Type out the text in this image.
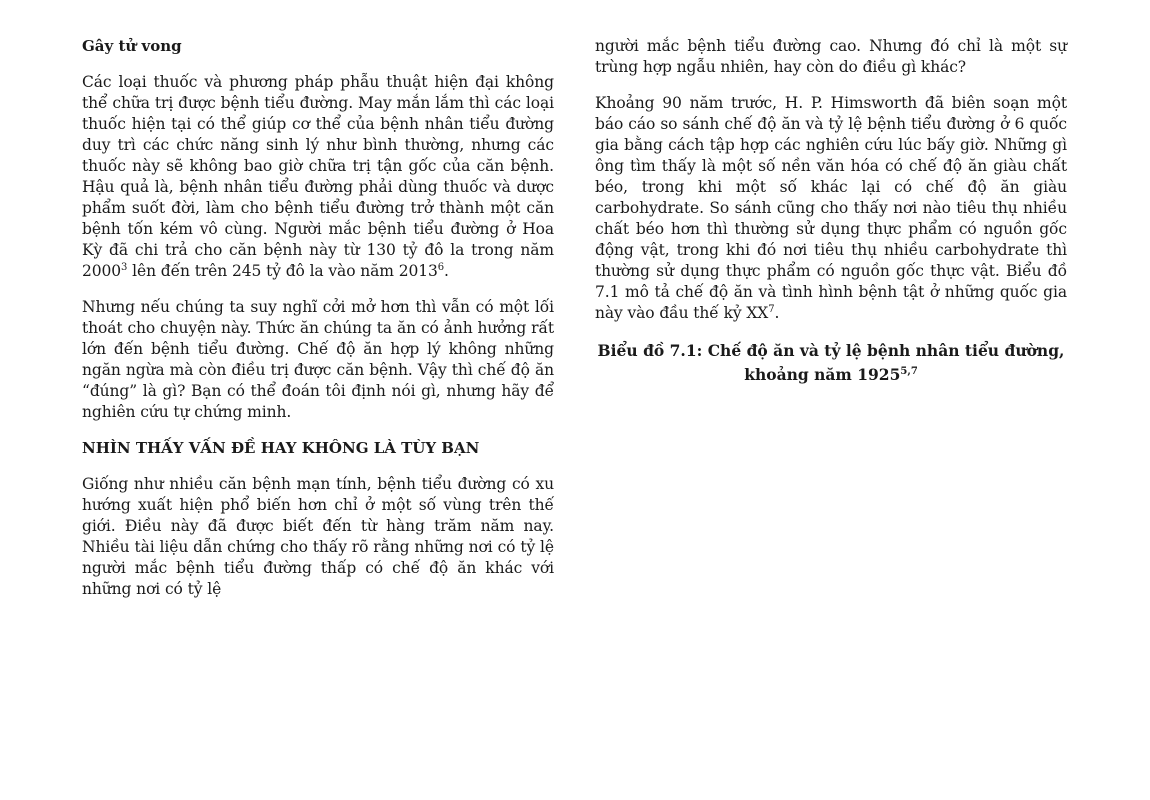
Gây tử vong

Các loại thuốc và phương pháp phẫu thuật hiện đại không thể chữa trị được bệnh tiểu đường. May mắn lắm thì các loại thuốc hiện tại có thể giúp cơ thể của bệnh nhân tiểu đường duy trì các chức năng sinh lý như bình thường, nhưng các thuốc này sẽ không bao giờ chữa trị tận gốc của căn bệnh. Hậu quả là, bệnh nhân tiểu đường phải dùng thuốc và dược phẩm suốt đời, làm cho bệnh tiểu đường trở thành một căn bệnh tốn kém vô cùng. Người mắc bệnh tiểu đường ở Hoa Kỳ đã chi trả cho căn bệnh này từ 130 tỷ đô la trong năm 2000$^3$ lên đến trên 245 tỷ đô la vào năm 2013$^6$.

Nhưng nếu chúng ta suy nghĩ cởi mở hơn thì vẫn có một lối thoát cho chuyện này. Thức ăn chúng ta ăn có ảnh hưởng rất lớn đến bệnh tiểu đường. Chế độ ăn hợp lý không những ngăn ngừa mà còn điều trị được căn bệnh. Vậy thì chế độ ăn “đúng” là gì? Bạn có thể đoán tôi định nói gì, nhưng hãy để nghiên cứu tự chứng minh.

NHÌN THẤY VẤN ĐỀ HAY KHÔNG LÀ TÙY BẠN

Giống như nhiều căn bệnh mạn tính, bệnh tiểu đường có xu hướng xuất hiện phổ biến hơn chỉ ở một số vùng trên thế giới. Điều này đã được biết đến từ hàng trăm năm nay. Nhiều tài liệu dẫn chứng cho thấy rõ rằng những nơi có tỷ lệ người mắc bệnh tiểu đường thấp có chế độ ăn khác với những nơi có tỷ lệ

người mắc bệnh tiểu đường cao. Nhưng đó chỉ là một sự trùng hợp ngẫu nhiên, hay còn do điều gì khác?

Khoảng 90 năm trước, H. P. Himsworth đã biên soạn một báo cáo so sánh chế độ ăn và tỷ lệ bệnh tiểu đường ở 6 quốc gia bằng cách tập hợp các nghiên cứu lúc bấy giờ. Những gì ông tìm thấy là một số nền văn hóa có chế độ ăn giàu chất béo, trong khi một số khác lại có chế độ ăn giàu carbohydrate. So sánh cũng cho thấy nơi nào tiêu thụ nhiều chất béo hơn thì thường sử dụng thực phẩm có nguồn gốc động vật, trong khi đó nơi tiêu thụ nhiều carbohydrate thì thường sử dụng thực phẩm có nguồn gốc thực vật. Biểu đồ 7.1 mô tả chế độ ăn và tình hình bệnh tật ở những quốc gia này vào đầu thế kỷ $XX^7$.

Biểu đồ 7.1: Chế độ ăn và tỷ lệ bệnh nhân tiểu đường,
khoảng năm 1925$^{5,7}$
